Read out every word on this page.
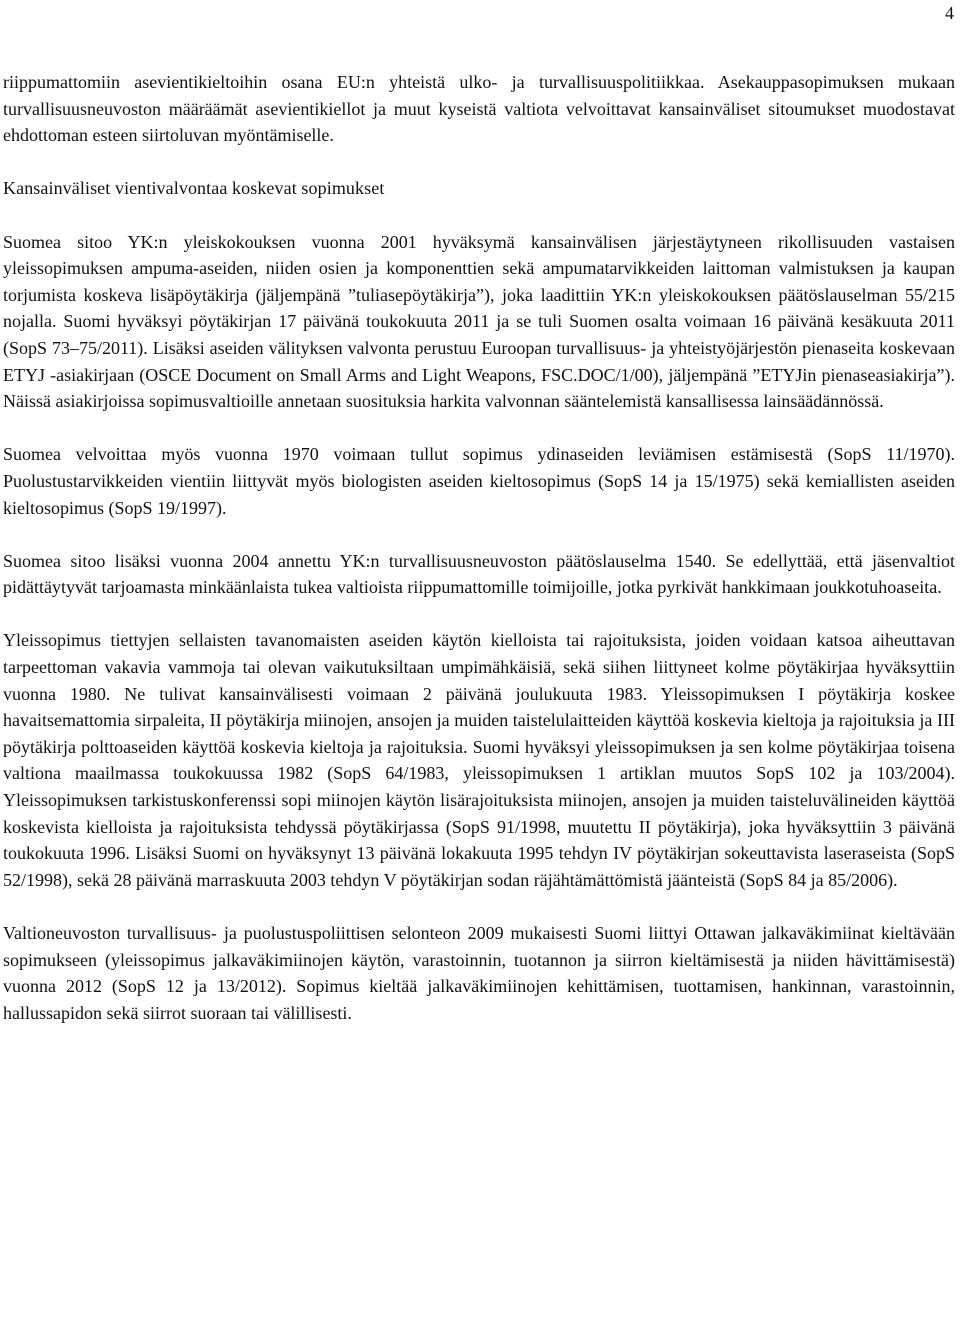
4

riippumattomiin asevientikieltoihin osana EU:n yhteistä ulko- ja turvallisuuspolitiikkaa. Asekauppasopimuksen mukaan turvallisuusneuvoston määräämät asevientikiellot ja muut kyseistä valtiota velvoittavat kansainväliset sitoumukset muodostavat ehdottoman esteen siirtoluvan myöntämiselle.

Kansainväliset vientivalvontaa koskevat sopimukset

Suomea sitoo YK:n yleiskokouksen vuonna 2001 hyväksymä kansainvälisen järjestäytyneen rikollisuuden vastaisen yleissopimuksen ampuma-aseiden, niiden osien ja komponenttien sekä ampumatarvikkeiden laittoman valmistuksen ja kaupan torjumista koskeva lisäpöytäkirja (jäljempänä ”tuliasepöytäkirja”), joka laadittiin YK:n yleiskokouksen päätöslauselman 55/215 nojalla. Suomi hyväksyi pöytäkirjan 17 päivänä toukokuuta 2011 ja se tuli Suomen osalta voimaan 16 päivänä kesäkuuta 2011 (SopS 73–75/2011). Lisäksi aseiden välityksen valvonta perustuu Euroopan turvallisuus- ja yhteistyöjärjestön pienaseita koskevaan ETYJ -asiakirjaan (OSCE Document on Small Arms and Light Weapons, FSC.DOC/1/00), jäljempänä ”ETYJin pienaseasiakirja”). Näissä asiakirjoissa sopimusvaltioille annetaan suosituksia harkita valvonnan sääntelemistä kansallisessa lainsäädännössä.

Suomea velvoittaa myös vuonna 1970 voimaan tullut sopimus ydinaseiden leviämisen estämisestä (SopS 11/1970). Puolustustarvikkeiden vientiin liittyvät myös biologisten aseiden kieltosopimus (SopS 14 ja 15/1975) sekä kemiallisten aseiden kieltosopimus (SopS 19/1997).

Suomea sitoo lisäksi vuonna 2004 annettu YK:n turvallisuusneuvoston päätöslauselma 1540. Se edellyttää, että jäsenvaltiot pidättäytyvät tarjoamasta minkäänlaista tukea valtioista riippumattomille toimijoille, jotka pyrkivät hankkimaan joukkotuhoaseita.

Yleissopimus tiettyjen sellaisten tavanomaisten aseiden käytön kielloista tai rajoituksista, joiden voidaan katsoa aiheuttavan tarpeettoman vakavia vammoja tai olevan vaikutuksiltaan umpimähkäisiä, sekä siihen liittyneet kolme pöytäkirjaa hyväksyttiin vuonna 1980. Ne tulivat kansainvälisesti voimaan 2 päivänä joulukuuta 1983. Yleissopimuksen I pöytäkirja koskee havaitsemattomia sirpaleita, II pöytäkirja miinojen, ansojen ja muiden taistelulaitteiden käyttöä koskevia kieltoja ja rajoituksia ja III pöytäkirja polttoaseiden käyttöä koskevia kieltoja ja rajoituksia. Suomi hyväksyi yleissopimuksen ja sen kolme pöytäkirjaa toisena valtiona maailmassa toukokuussa 1982 (SopS 64/1983, yleissopimuksen 1 artiklan muutos SopS 102 ja 103/2004). Yleissopimuksen tarkistuskonferenssi sopi miinojen käytön lisärajoituksista miinojen, ansojen ja muiden taisteluvälineiden käyttöä koskevista kielloista ja rajoituksista tehdyssä pöytäkirjassa (SopS 91/1998, muutettu II pöytäkirja), joka hyväksyttiin 3 päivänä toukokuuta 1996. Lisäksi Suomi on hyväksynyt 13 päivänä lokakuuta 1995 tehdyn IV pöytäkirjan sokeuttavista laseraseista (SopS 52/1998), sekä 28 päivänä marraskuuta 2003 tehdyn V pöytäkirjan sodan räjähtämättömistä jäänteistä (SopS 84 ja 85/2006).

Valtioneuvoston turvallisuus- ja puolustuspoliittisen selonteon 2009 mukaisesti Suomi liittyi Ottawan jalkaväkimiinat kieltävään sopimukseen (yleissopimus jalkaväkimiinojen käytön, varastoinnin, tuotannon ja siirron kieltämisestä ja niiden hävittämisestä) vuonna 2012 (SopS 12 ja 13/2012). Sopimus kieltää jalkaväkimiinojen kehittämisen, tuottamisen, hankinnan, varastoinnin, hallussapidon sekä siirrot suoraan tai välillisesti.
